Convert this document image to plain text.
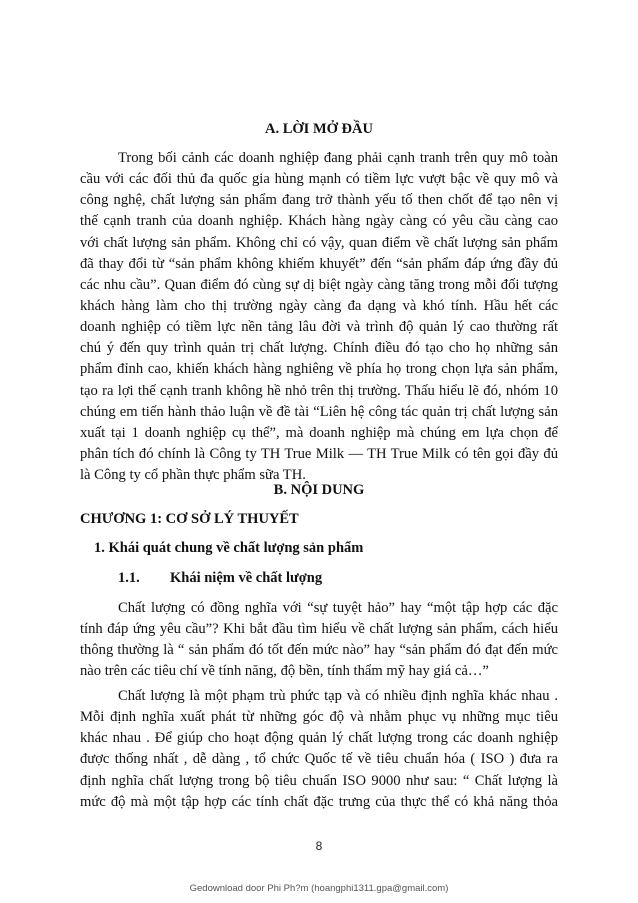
A. LỜI MỞ ĐẦU
Trong bối cảnh các doanh nghiệp đang phải cạnh tranh trên quy mô toàn
cầu với các đối thủ đa quốc gia hùng mạnh có tiềm lực vượt bậc về quy mô và
công nghệ, chất lượng sản phẩm đang trở thành yếu tố then chốt để tạo nên vị
thế cạnh tranh của doanh nghiệp. Khách hàng ngày càng có yêu cầu càng cao
với chất lượng sản phẩm. Không chỉ có vậy, quan điểm về chất lượng sản phẩm
đã thay đổi từ “sản phẩm không khiếm khuyết” đến “sản phẩm đáp ứng đầy đủ
các nhu cầu”. Quan điểm đó cùng sự dị biệt ngày càng tăng trong mỗi đối tượng
khách hàng làm cho thị trường ngày càng đa dạng và khó tính. Hầu hết các
doanh nghiệp có tiềm lực nền tảng lâu đời và trình độ quản lý cao thường rất
chú ý đến quy trình quản trị chất lượng. Chính điều đó tạo cho họ những sản
phẩm đỉnh cao, khiến khách hàng nghiêng về phía họ trong chọn lựa sản phẩm,
tạo ra lợi thế cạnh tranh không hề nhỏ trên thị trường. Thấu hiểu lẽ đó, nhóm 10
chúng em tiến hành thảo luận về đề tài “Liên hệ công tác quản trị chất lượng sản
xuất tại 1 doanh nghiệp cụ thể”, mà doanh nghiệp mà chúng em lựa chọn để
phân tích đó chính là Công ty TH True Milk — TH True Milk có tên gọi đầy đủ
là Công ty cổ phần thực phẩm sữa TH.
B. NỘI DUNG
CHƯƠNG 1: CƠ SỞ LÝ THUYẾT
1. Khái quát chung về chất lượng sản phẩm
1.1. Khái niệm về chất lượng
Chất lượng có đồng nghĩa với “sự tuyệt hảo” hay “một tập hợp các đặc
tính đáp ứng yêu cầu”? Khi bắt đầu tìm hiểu về chất lượng sản phẩm, cách hiểu
thông thường là “ sản phẩm đó tốt đến mức nào” hay “sản phẩm đó đạt đến mức
nào trên các tiêu chí về tính năng, độ bền, tính thẩm mỹ hay giá cả…”
Chất lượng là một phạm trù phức tạp và có nhiều định nghĩa khác nhau .
Mỗi định nghĩa xuất phát từ những góc độ và nhằm phục vụ những mục tiêu
khác nhau . Để giúp cho hoạt động quản lý chất lượng trong các doanh nghiệp
được thống nhất , dễ dàng , tổ chức Quốc tế về tiêu chuẩn hóa ( ISO ) đưa ra
định nghĩa chất lượng trong bộ tiêu chuẩn ISO 9000 như sau: “ Chất lượng là
mức độ mà một tập hợp các tính chất đặc trưng của thực thể có khả năng thỏa
8
Gedownload door Phi Ph?m (hoangphi1311.gpa@gmail.com)
